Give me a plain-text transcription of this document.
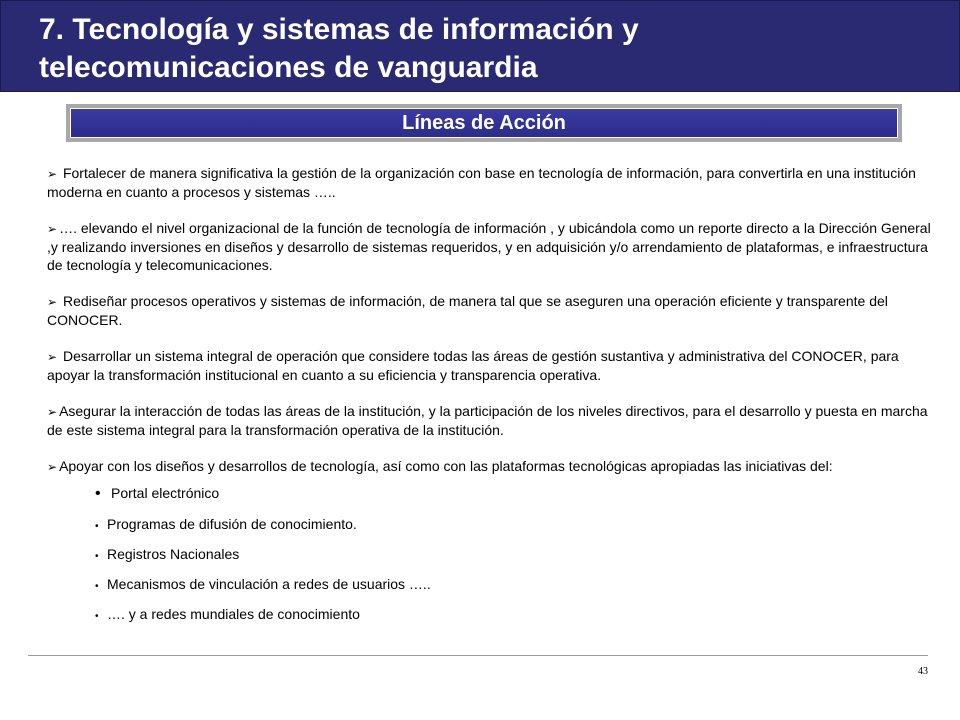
7. Tecnología y sistemas de información y
telecomunicaciones de vanguardia
Líneas de Acción

➢ Fortalecer de manera significativa la gestión de la organización con base en tecnología de información, para convertirla en una institución moderna en cuanto a procesos y sistemas …..

➢ …. elevando el nivel organizacional de la función de tecnología de información , y ubicándola como un reporte directo a la Dirección General ,y realizando inversiones en diseños y desarrollo de sistemas requeridos, y en adquisición y/o arrendamiento de plataformas, e infraestructura de tecnología y telecomunicaciones.

➢ Rediseñar procesos operativos y sistemas de información, de manera tal que se aseguren una operación eficiente y transparente del CONOCER.

➢ Desarrollar un sistema integral de operación que considere todas las áreas de gestión sustantiva y administrativa del CONOCER, para apoyar la transformación institucional en cuanto a su eficiencia y transparencia operativa.

➢ Asegurar la interacción de todas las áreas de la institución, y la participación de los niveles directivos, para el desarrollo y puesta en marcha de este sistema integral para la transformación operativa de la institución.

➢ Apoyar con los diseños y desarrollos de tecnología, así como con las plataformas tecnológicas apropiadas las iniciativas del:

• Portal electrónico
• Programas de difusión de conocimiento.
• Registros Nacionales
• Mecanismos de vinculación a redes de usuarios …..
• …. y a redes mundiales de conocimiento
43
